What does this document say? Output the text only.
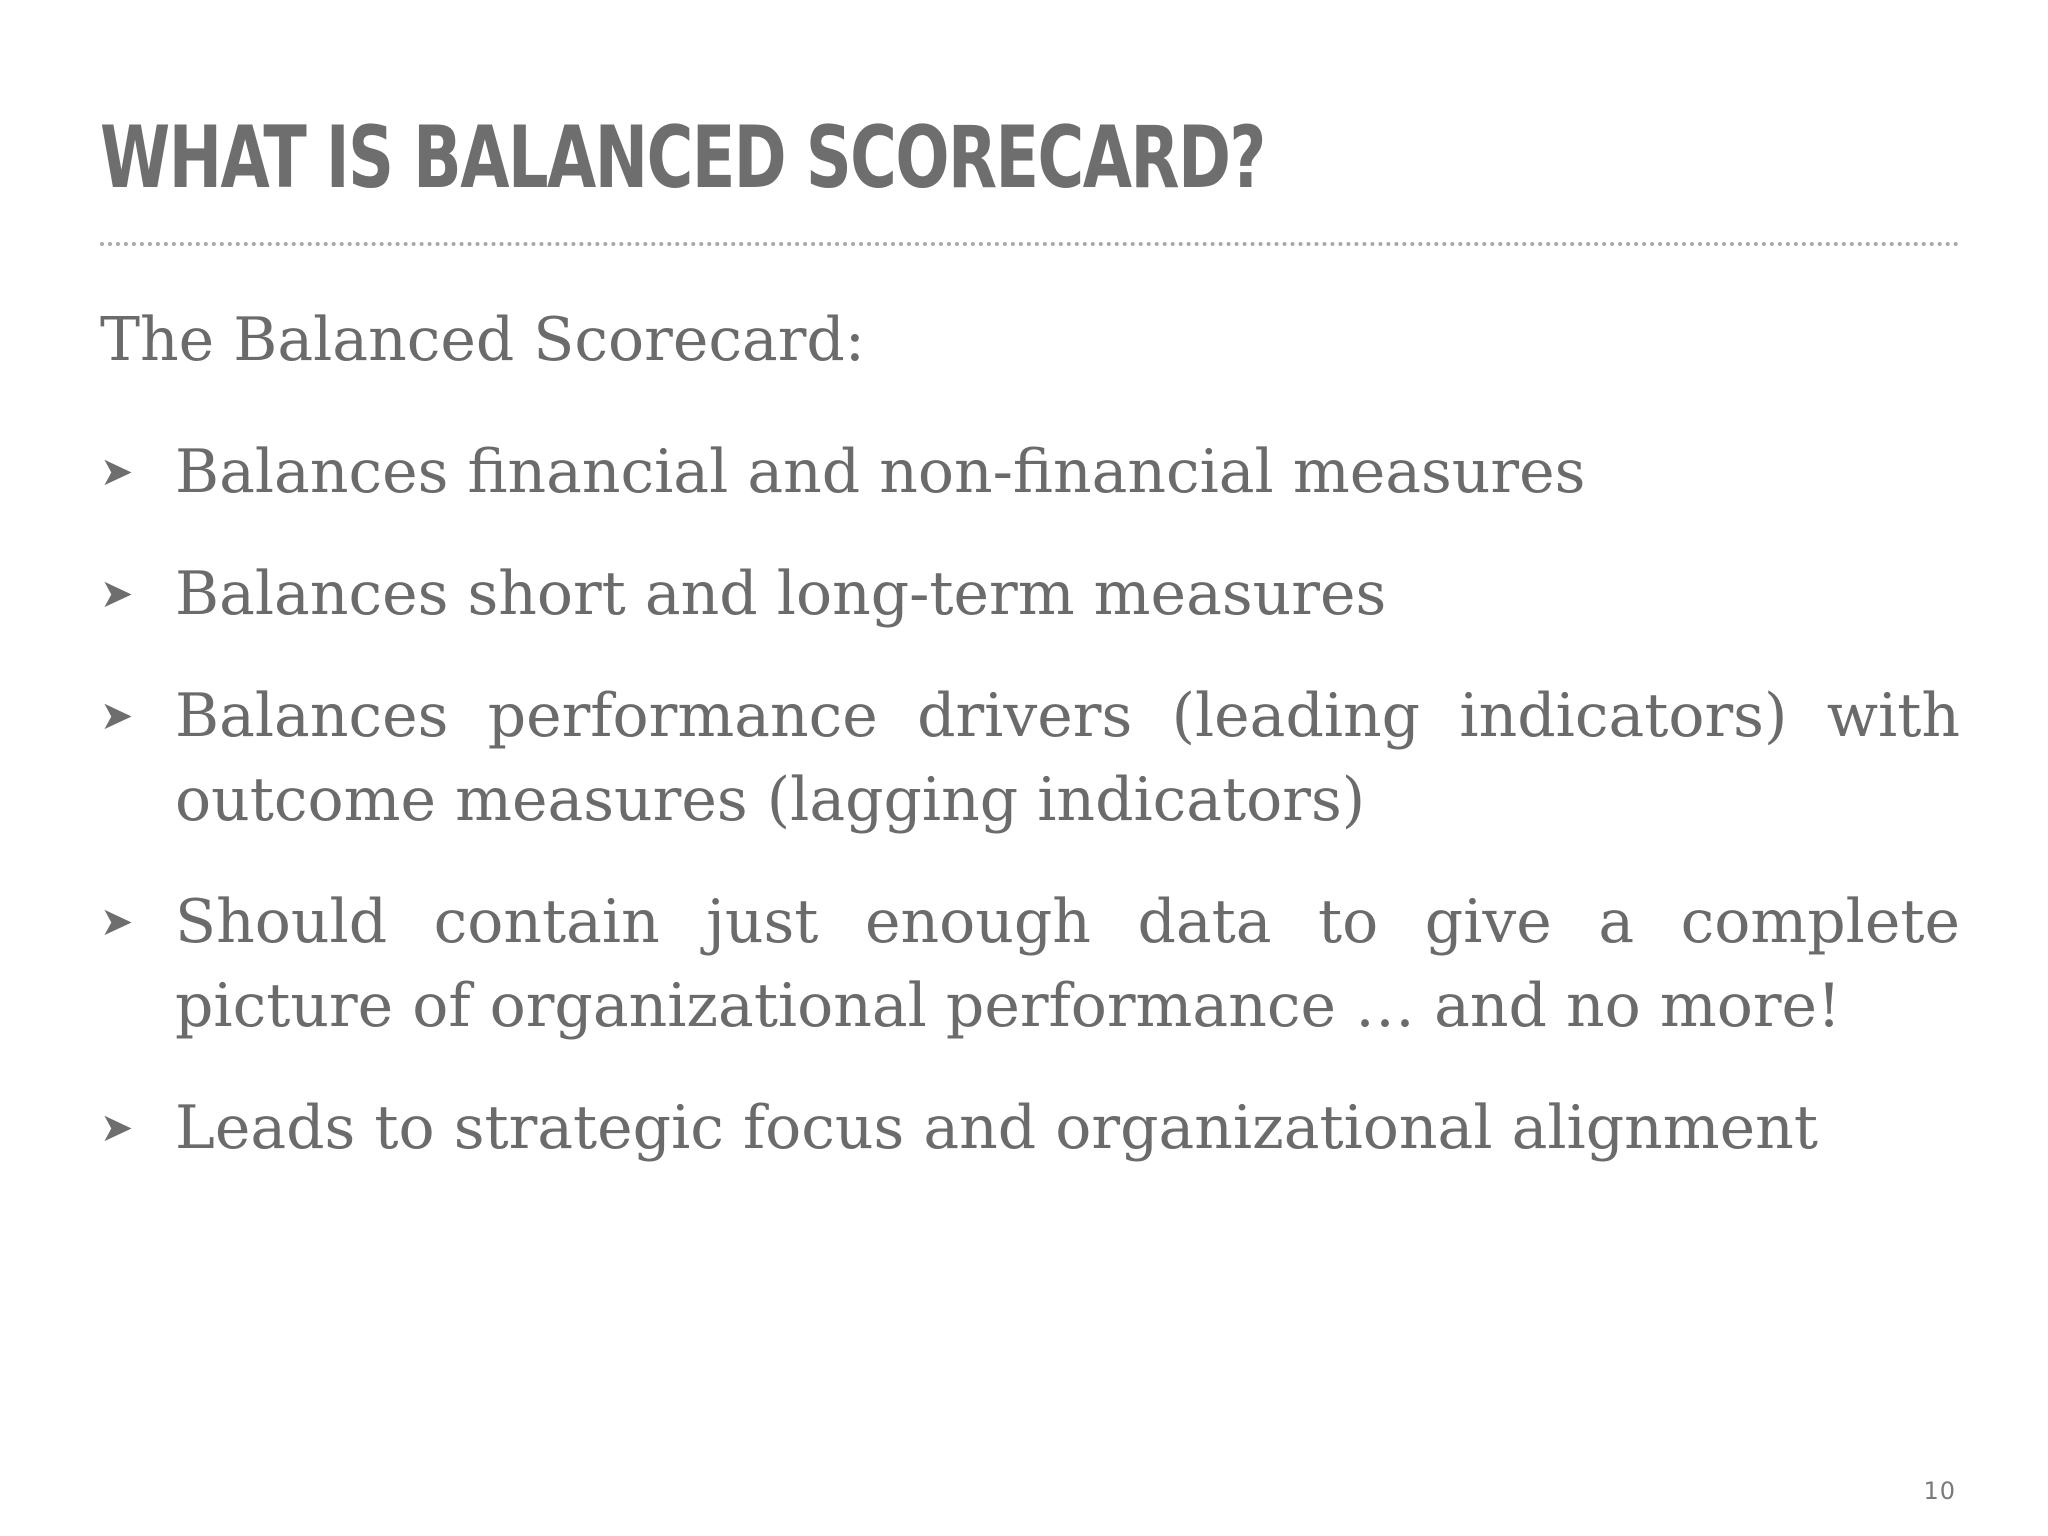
WHAT IS BALANCED SCORECARD?

The Balanced Scorecard:

➤ Balances financial and non-financial measures
➤ Balances short and long-term measures
➤ Balances performance drivers (leading indicators) with outcome measures (lagging indicators)
➤ Should contain just enough data to give a complete picture of organizational performance … and no more!
➤ Leads to strategic focus and organizational alignment
10
